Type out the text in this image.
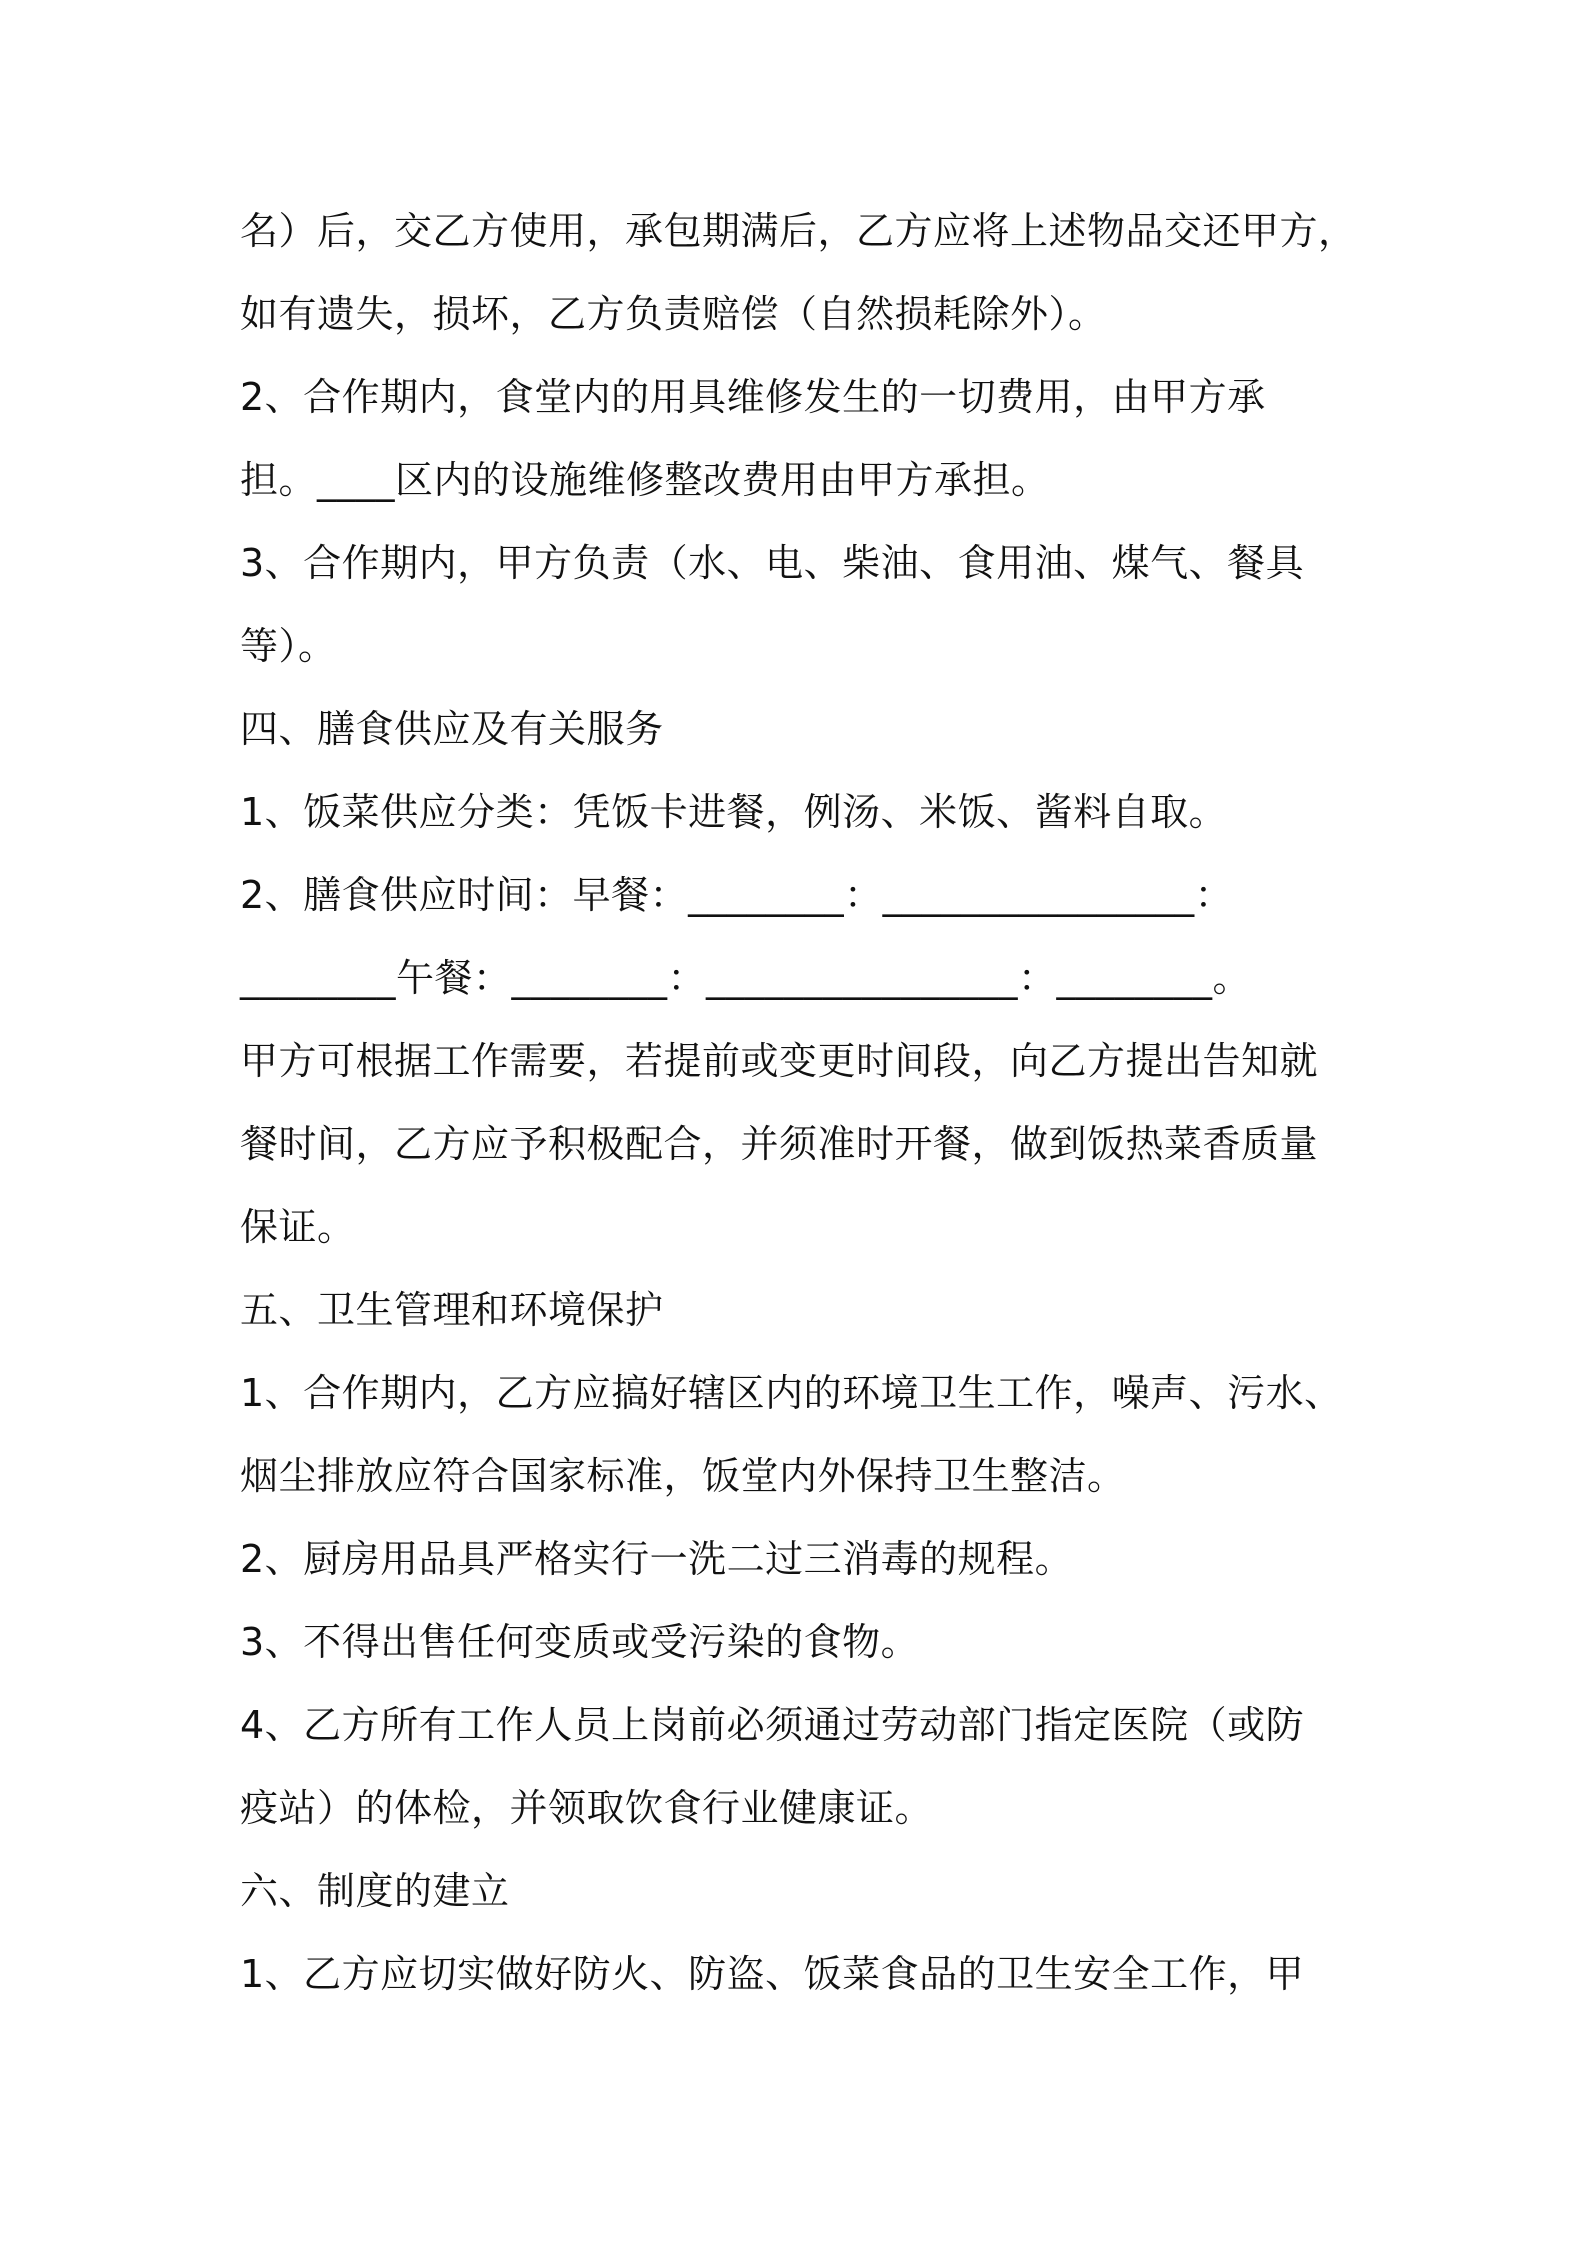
名）后，交乙方使用，承包期满后，乙方应将上述物品交还甲方，
如有遗失，损坏，乙方负责赔偿（自然损耗除外）。
2、合作期内，食堂内的用具维修发生的一切费用，由甲方承
担。____区内的设施维修整改费用由甲方承担。
3、合作期内，甲方负责（水、电、柴油、食用油、煤气、餐具
等）。
四、膳食供应及有关服务
1、饭菜供应分类：凭饭卡进餐，例汤、米饭、酱料自取。
2、膳食供应时间：早餐：________：________________：
________午餐：________：________________：________。
甲方可根据工作需要，若提前或变更时间段，向乙方提出告知就
餐时间，乙方应予积极配合，并须准时开餐，做到饭热菜香质量
保证。
五、卫生管理和环境保护
1、合作期内，乙方应搞好辖区内的环境卫生工作，噪声、污水、
烟尘排放应符合国家标准，饭堂内外保持卫生整洁。
2、厨房用品具严格实行一洗二过三消毒的规程。
3、不得出售任何变质或受污染的食物。
4、乙方所有工作人员上岗前必须通过劳动部门指定医院（或防
疫站）的体检，并领取饮食行业健康证。
六、制度的建立
1、乙方应切实做好防火、防盗、饭菜食品的卫生安全工作，甲
